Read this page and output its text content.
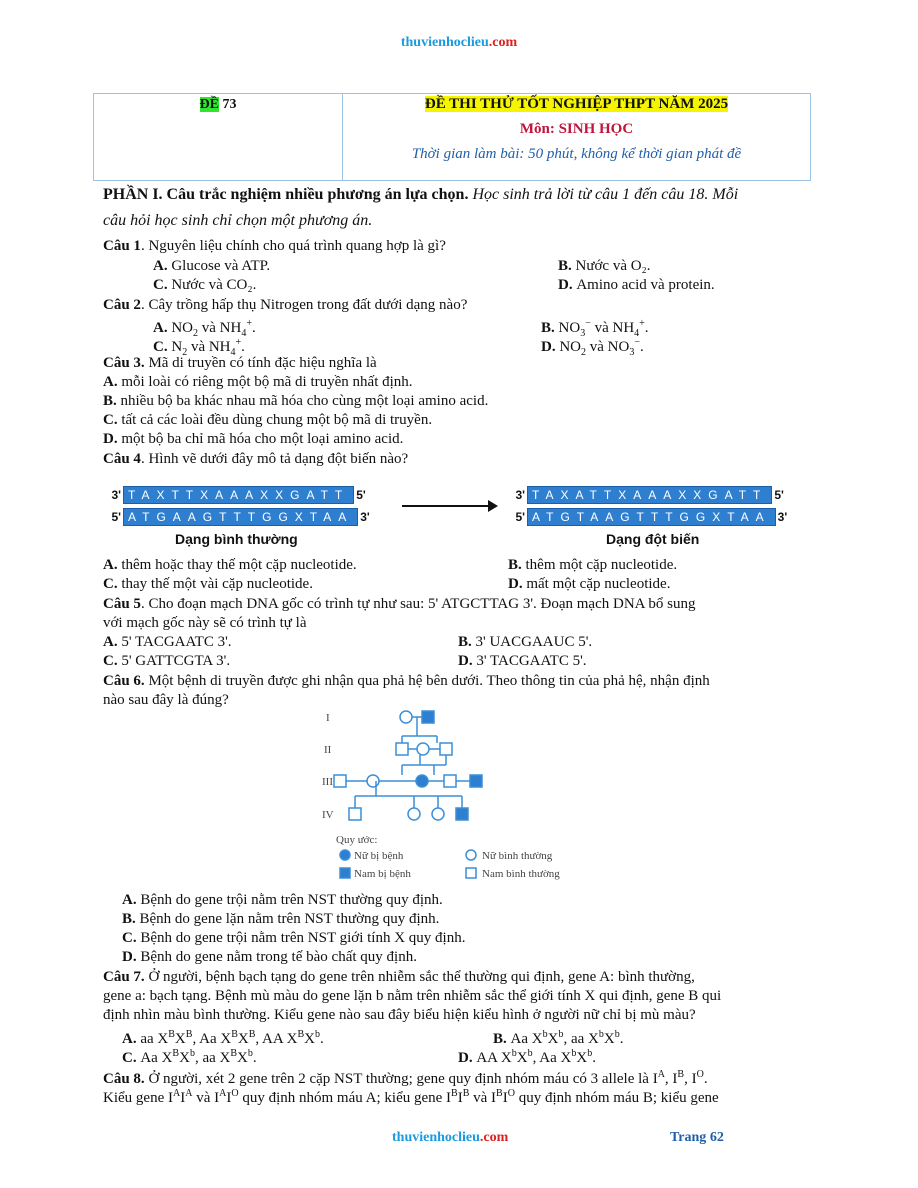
thuvienhoclieu.com
ĐỀ 73	ĐỀ THI THỬ TỐT NGHIỆP THPT NĂM 2025
Môn: SINH HỌC
Thời gian làm bài: 50 phút, không kể thời gian phát đề
PHẦN I. Câu trắc nghiệm nhiều phương án lựa chọn. Học sinh trả lời từ câu 1 đến câu 18. Mỗi
câu hỏi học sinh chỉ chọn một phương án.
Câu 1. Nguyên liệu chính cho quá trình quang hợp là gì?
A. Glucose và ATP.	B. Nước và O₂.
C. Nước và CO₂.	D. Amino acid và protein.
Câu 2. Cây trồng hấp thụ Nitrogen trong đất dưới dạng nào?
A. $NO_2$ và $NH_4^+$.	B. $NO_3^-$ và $NH_4^+$.
C. $N_2$ và $NH_4^+$.	D. $NO_2$ và $NO_3^-$.
Câu 3. Mã di truyền có tính đặc hiệu nghĩa là
A. mỗi loài có riêng một bộ mã di truyền nhất định.
B. nhiều bộ ba khác nhau mã hóa cho cùng một loại amino acid.
C. tất cả các loài đều dùng chung một bộ mã di truyền.
D. một bộ ba chỉ mã hóa cho một loại amino acid.
Câu 4. Hình vẽ dưới đây mô tả dạng đột biến nào?
3' TAXTTXAAAXXGATT 5'
5' ATGAAGTTTGGXTAA 3'
Dạng bình thường
3' TAXATTXAAAXXGATT 5'
5' ATGTAAGTTTGGXTAA 3'
Dạng đột biến
A. thêm hoặc thay thế một cặp nucleotide.	B. thêm một cặp nucleotide.
C. thay thế một vài cặp nucleotide.	D. mất một cặp nucleotide.
Câu 5. Cho đoạn mạch DNA gốc có trình tự như sau: 5' ATGCTTAG 3'. Đoạn mạch DNA bổ sung
với mạch gốc này sẽ có trình tự là
A. 5' TACGAATC 3'.	B. 3' UACGAAUC 5'.
C. 5' GATTCGTA 3'.	D. 3' TACGAATC 5'.
Câu 6. Một bệnh di truyền được ghi nhận qua phả hệ bên dưới. Theo thông tin của phả hệ, nhận định
nào sau đây là đúng?
I
II
III
IV
Quy ước:
Nữ bị bệnh	Nữ bình thường
Nam bị bệnh	Nam bình thường
A. Bệnh do gene trội nằm trên NST thường quy định.
B. Bệnh do gene lặn nằm trên NST thường quy định.
C. Bệnh do gene trội nằm trên NST giới tính X quy định.
D. Bệnh do gene nằm trong tế bào chất quy định.
Câu 7. Ở người, bệnh bạch tạng do gene trên nhiễm sắc thể thường qui định, gene A: bình thường,
gene a: bạch tạng. Bệnh mù màu do gene lặn b nằm trên nhiễm sắc thể giới tính X qui định, gene B qui
định nhìn màu bình thường. Kiểu gene nào sau đây biểu hiện kiểu hình ở người nữ chỉ bị mù màu?
A. aa $X^BX^B$, Aa $X^BX^B$, AA $X^BX^b$.	B. Aa $X^bX^b$, aa $X^bX^b$.
C. Aa $X^BX^b$, aa $X^BX^b$.	D. AA $X^bX^b$, Aa $X^bX^b$.
Câu 8. Ở người, xét 2 gene trên 2 cặp NST thường; gene quy định nhóm máu có 3 allele là $I^A$, $I^B$, $I^O$.
Kiểu gene $I^AI^A$ và $I^AI^O$ quy định nhóm máu A; kiểu gene $I^BI^B$ và $I^BI^O$ quy định nhóm máu B; kiểu gene
thuvienhoclieu.com	Trang 62
